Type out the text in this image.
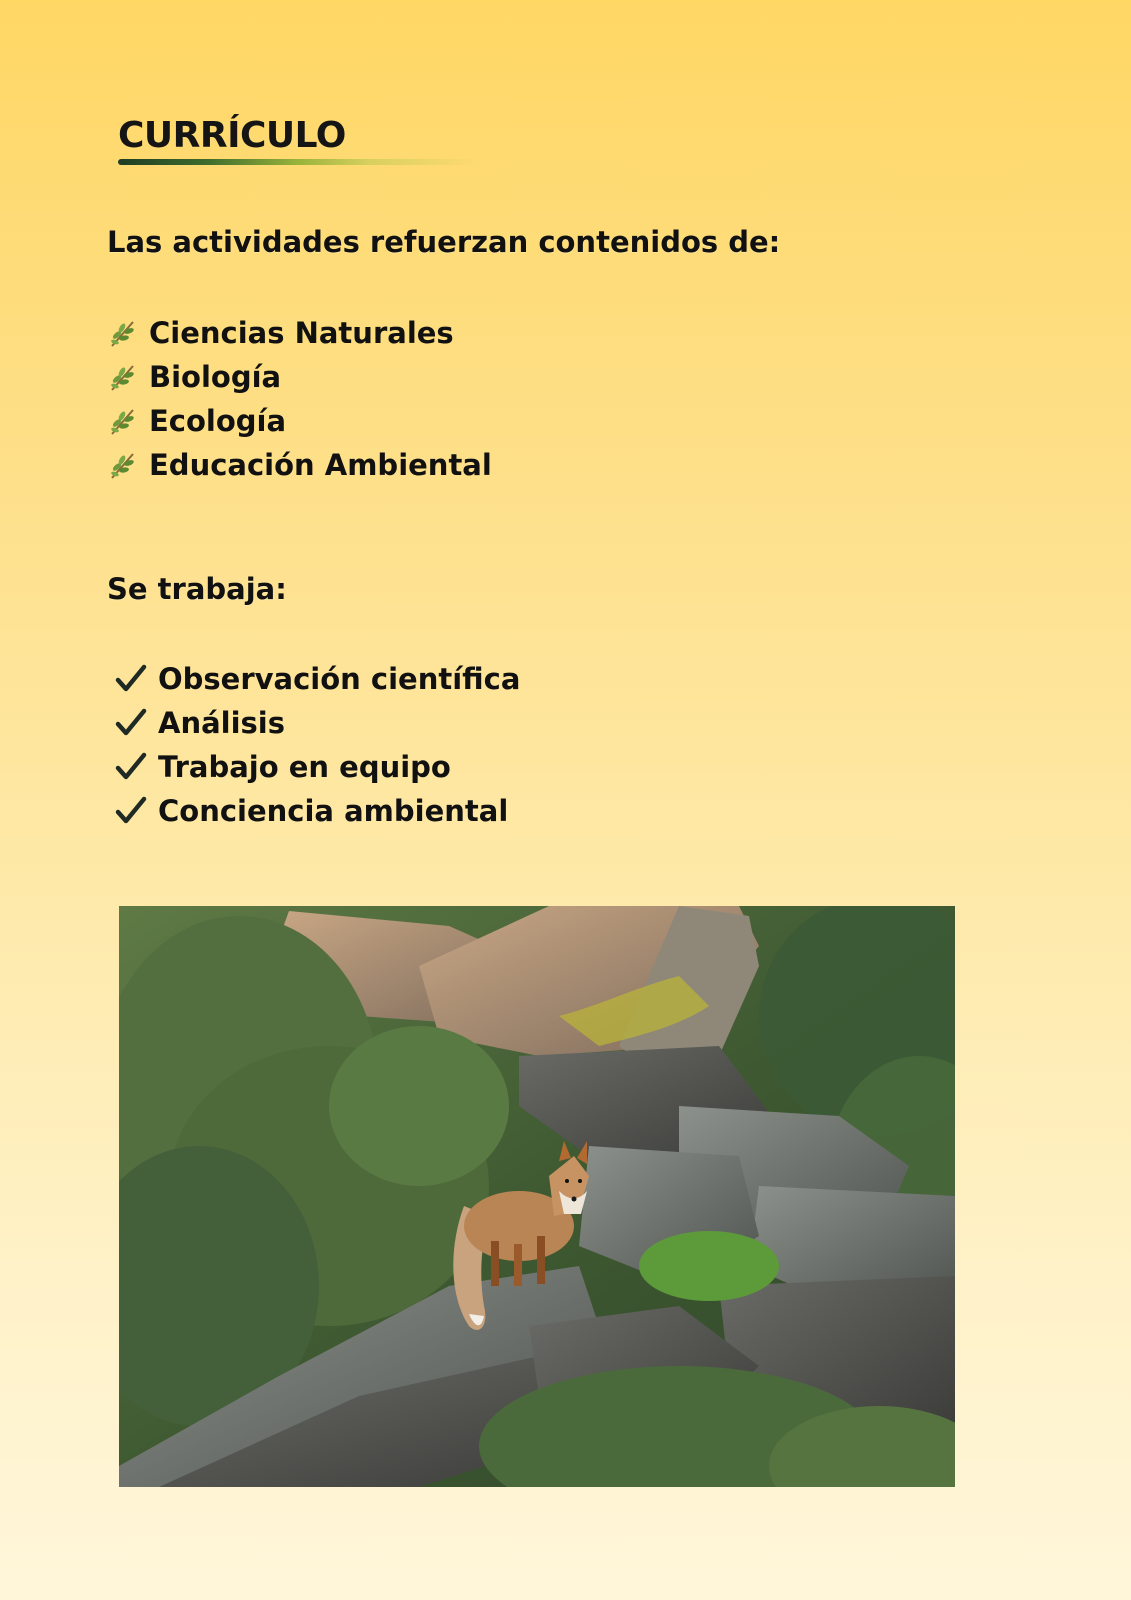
CURRÍCULO
Las actividades refuerzan contenidos de:
Ciencias Naturales
Biología
Ecología
Educación Ambiental
Se trabaja:
Observación científica
Análisis
Trabajo en equipo
Conciencia ambiental
